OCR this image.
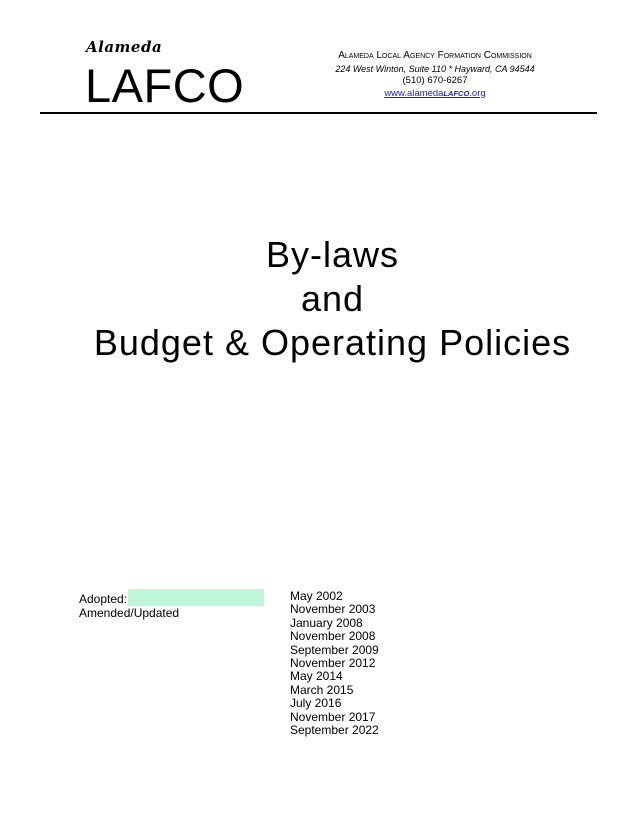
Alameda
LAFCO
Alameda Local Agency Formation Commission
224 West Winton, Suite 110 * Hayward, CA 94544
(510) 670-6267
www.alamedaLAFCO.org
By-laws
and
Budget & Operating Policies
Adopted:
Amended/Updated
May 2002
November 2003
January 2008
November 2008
September 2009
November 2012
May 2014
March 2015
July 2016
November 2017
September 2022
